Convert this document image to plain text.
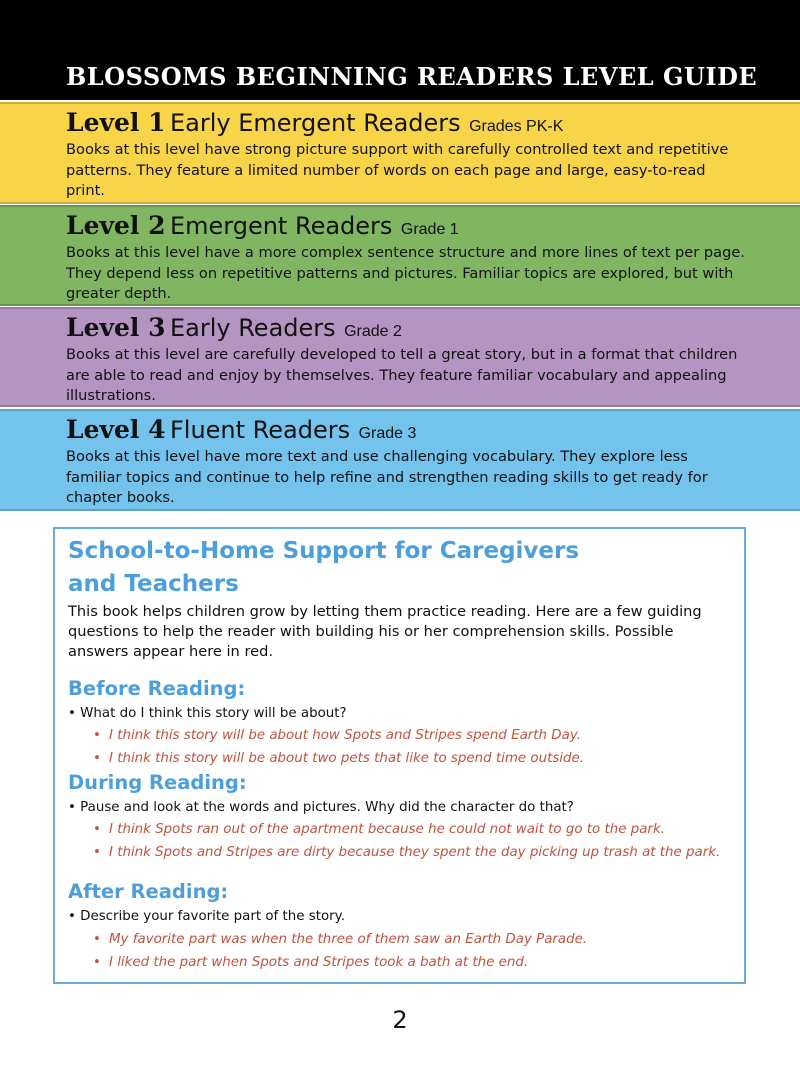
BLOSSOMS BEGINNING READERS LEVEL GUIDE
Level 1 Early Emergent Readers Grades PK-K

Books at this level have strong picture support with carefully controlled text and repetitive patterns. They feature a limited number of words on each page and large, easy-to-read print.

Level 2 Emergent Readers Grade 1

Books at this level have a more complex sentence structure and more lines of text per page. They depend less on repetitive patterns and pictures. Familiar topics are explored, but with greater depth.

Level 3 Early Readers Grade 2

Books at this level are carefully developed to tell a great story, but in a format that children are able to read and enjoy by themselves. They feature familiar vocabulary and appealing illustrations.

Level 4 Fluent Readers Grade 3

Books at this level have more text and use challenging vocabulary. They explore less familiar topics and continue to help refine and strengthen reading skills to get ready for chapter books.

School-to-Home Support for Caregivers and Teachers

This book helps children grow by letting them practice reading. Here are a few guiding questions to help the reader with building his or her comprehension skills. Possible answers appear here in red.

Before Reading:

• What do I think this story will be about?

• I think this story will be about how Spots and Stripes spend Earth Day.
• I think this story will be about two pets that like to spend time outside.
During Reading:

• Pause and look at the words and pictures. Why did the character do that?

• I think Spots ran out of the apartment because he could not wait to go to the park.
• I think Spots and Stripes are dirty because they spent the day picking up trash at the park.
After Reading:

• Describe your favorite part of the story.

• My favorite part was when the three of them saw an Earth Day Parade.
• I liked the part when Spots and Stripes took a bath at the end.
2
